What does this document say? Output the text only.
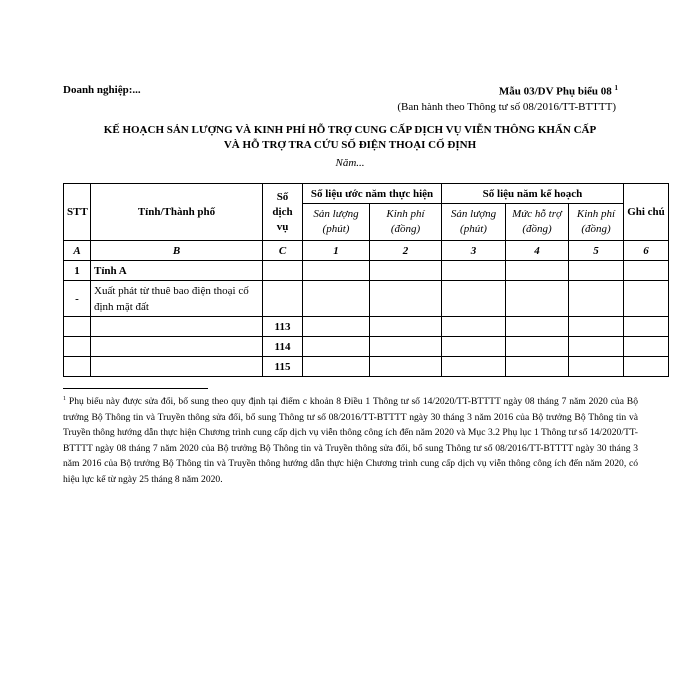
Doanh nghiệp:...	Mẫu 03/DV Phụ biểu 08 $^1$
(Ban hành theo Thông tư số 08/2016/TT-BTTTT)
KẾ HOẠCH SẢN LƯỢNG VÀ KINH PHÍ HỖ TRỢ CUNG CẤP DỊCH VỤ VIỄN THÔNG KHẨN CẤP
VÀ HỖ TRỢ TRA CỨU SỐ ĐIỆN THOẠI CỐ ĐỊNH
Năm...
STT	Tỉnh/Thành phố	Số dịch vụ	Số liệu ước năm thực hiện		Số liệu năm kế hoạch			Ghi chú
			Sản lượng (phút)	Kinh phí (đồng)	Sản lượng (phút)	Mức hỗ trợ (đồng)	Kinh phí (đồng)	
A	B	C	1	2	3	4	5	6
1	Tỉnh A							
-	Xuất phát từ thuê bao điện thoại cố định mặt đất							
		113						
		114						
		115						
$^1$ Phụ biểu này được sửa đổi, bổ sung theo quy định tại điểm c khoản 8 Điều 1 Thông tư số 14/2020/TT-BTTTT ngày 08 tháng 7 năm 2020 của Bộ trưởng Bộ Thông tin và Truyền thông sửa đổi, bổ sung Thông tư số 08/2016/TT-BTTTT ngày 30 tháng 3 năm 2016 của Bộ trưởng Bộ Thông tin và Truyền thông hướng dẫn thực hiện Chương trình cung cấp dịch vụ viễn thông công ích đến năm 2020 và Mục 3.2 Phụ lục 1 Thông tư số 14/2020/TT-BTTTT ngày 08 tháng 7 năm 2020 của Bộ trưởng Bộ Thông tin và Truyền thông sửa đổi, bổ sung Thông tư số 08/2016/TT-BTTTT ngày 30 tháng 3 năm 2016 của Bộ trưởng Bộ Thông tin và Truyền thông hướng dẫn thực hiện Chương trình cung cấp dịch vụ viễn thông công ích đến năm 2020, có hiệu lực kể từ ngày 25 tháng 8 năm 2020.
